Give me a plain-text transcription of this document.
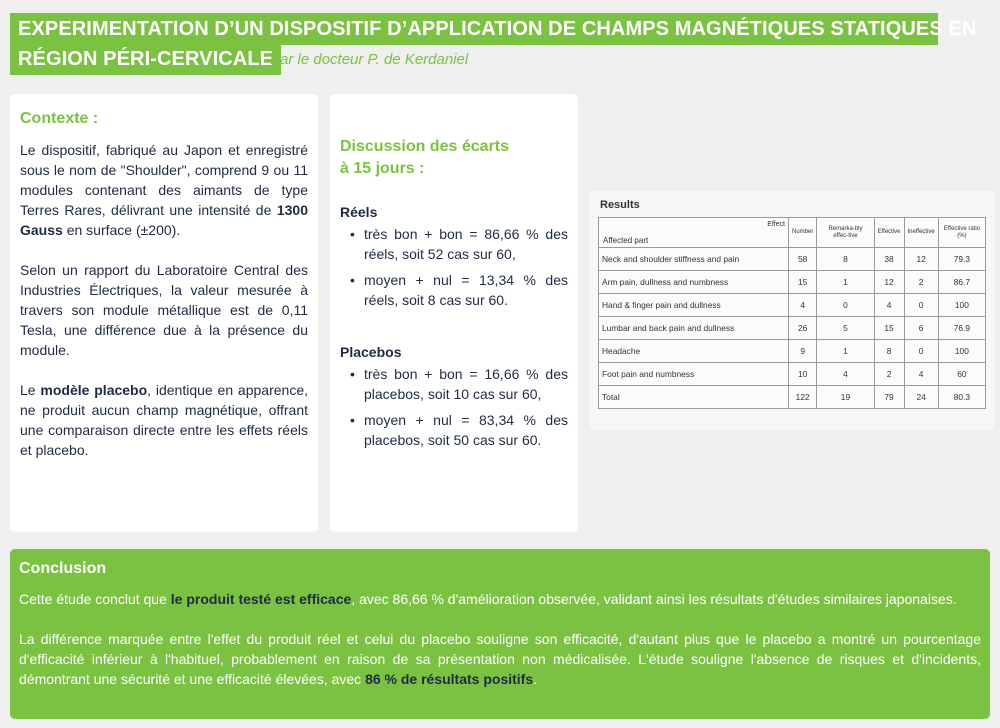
EXPERIMENTATION D’UN DISPOSITIF D’APPLICATION DE CHAMPS MAGNÉTIQUES STATIQUES EN
RÉGION PÉRI-CERVICALE
Par le docteur P. de Kerdaniel
Contexte :

Le dispositif, fabriqué au Japon et enregistré sous le nom de "Shoulder", comprend 9 ou 11 modules contenant des aimants de type Terres Rares, délivrant une intensité de 1300 Gauss en surface (±200).

Selon un rapport du Laboratoire Central des Industries Électriques, la valeur mesurée à travers son module métallique est de 0,11 Tesla, une différence due à la présence du module.

Le modèle placebo, identique en apparence, ne produit aucun champ magnétique, offrant une comparaison directe entre les effets réels et placebo.

Discussion des écarts à 15 jours :
Réels
• très bon + bon = 86,66 % des réels, soit 52 cas sur 60,
• moyen + nul = 13,34 % des réels, soit 8 cas sur 60.
Placebos
• très bon + bon = 16,66 % des placebos, soit 10 cas sur 60,
• moyen + nul = 83,34 % des placebos, soit 50 cas sur 60.
Results
Effect
Affected part	Number	Remarka-bly effec-tive	Effective	Ineffective	Effective ratio (%)
Neck and shoulder stiffness and pain	58	8	38	12	79.3
Arm pain, dullness and numbness	15	1	12	2	86.7
Hand & finger pain and dullness	4	0	4	0	100
Lumbar and back pain and dullness	26	5	15	6	76.9
Headache	9	1	8	0	100
Foot pain and numbness	10	4	2	4	60
Total	122	19	79	24	80.3
Conclusion

Cette étude conclut que le produit testé est efficace, avec 86,66 % d'amélioration observée, validant ainsi les résultats d'études similaires japonaises.

La différence marquée entre l'effet du produit réel et celui du placebo souligne son efficacité, d'autant plus que le placebo a montré un pourcentage d'efficacité inférieur à l'habituel, probablement en raison de sa présentation non médicalisée. L'étude souligne l'absence de risques et d'incidents, démontrant une sécurité et une efficacité élevées, avec 86 % de résultats positifs.
